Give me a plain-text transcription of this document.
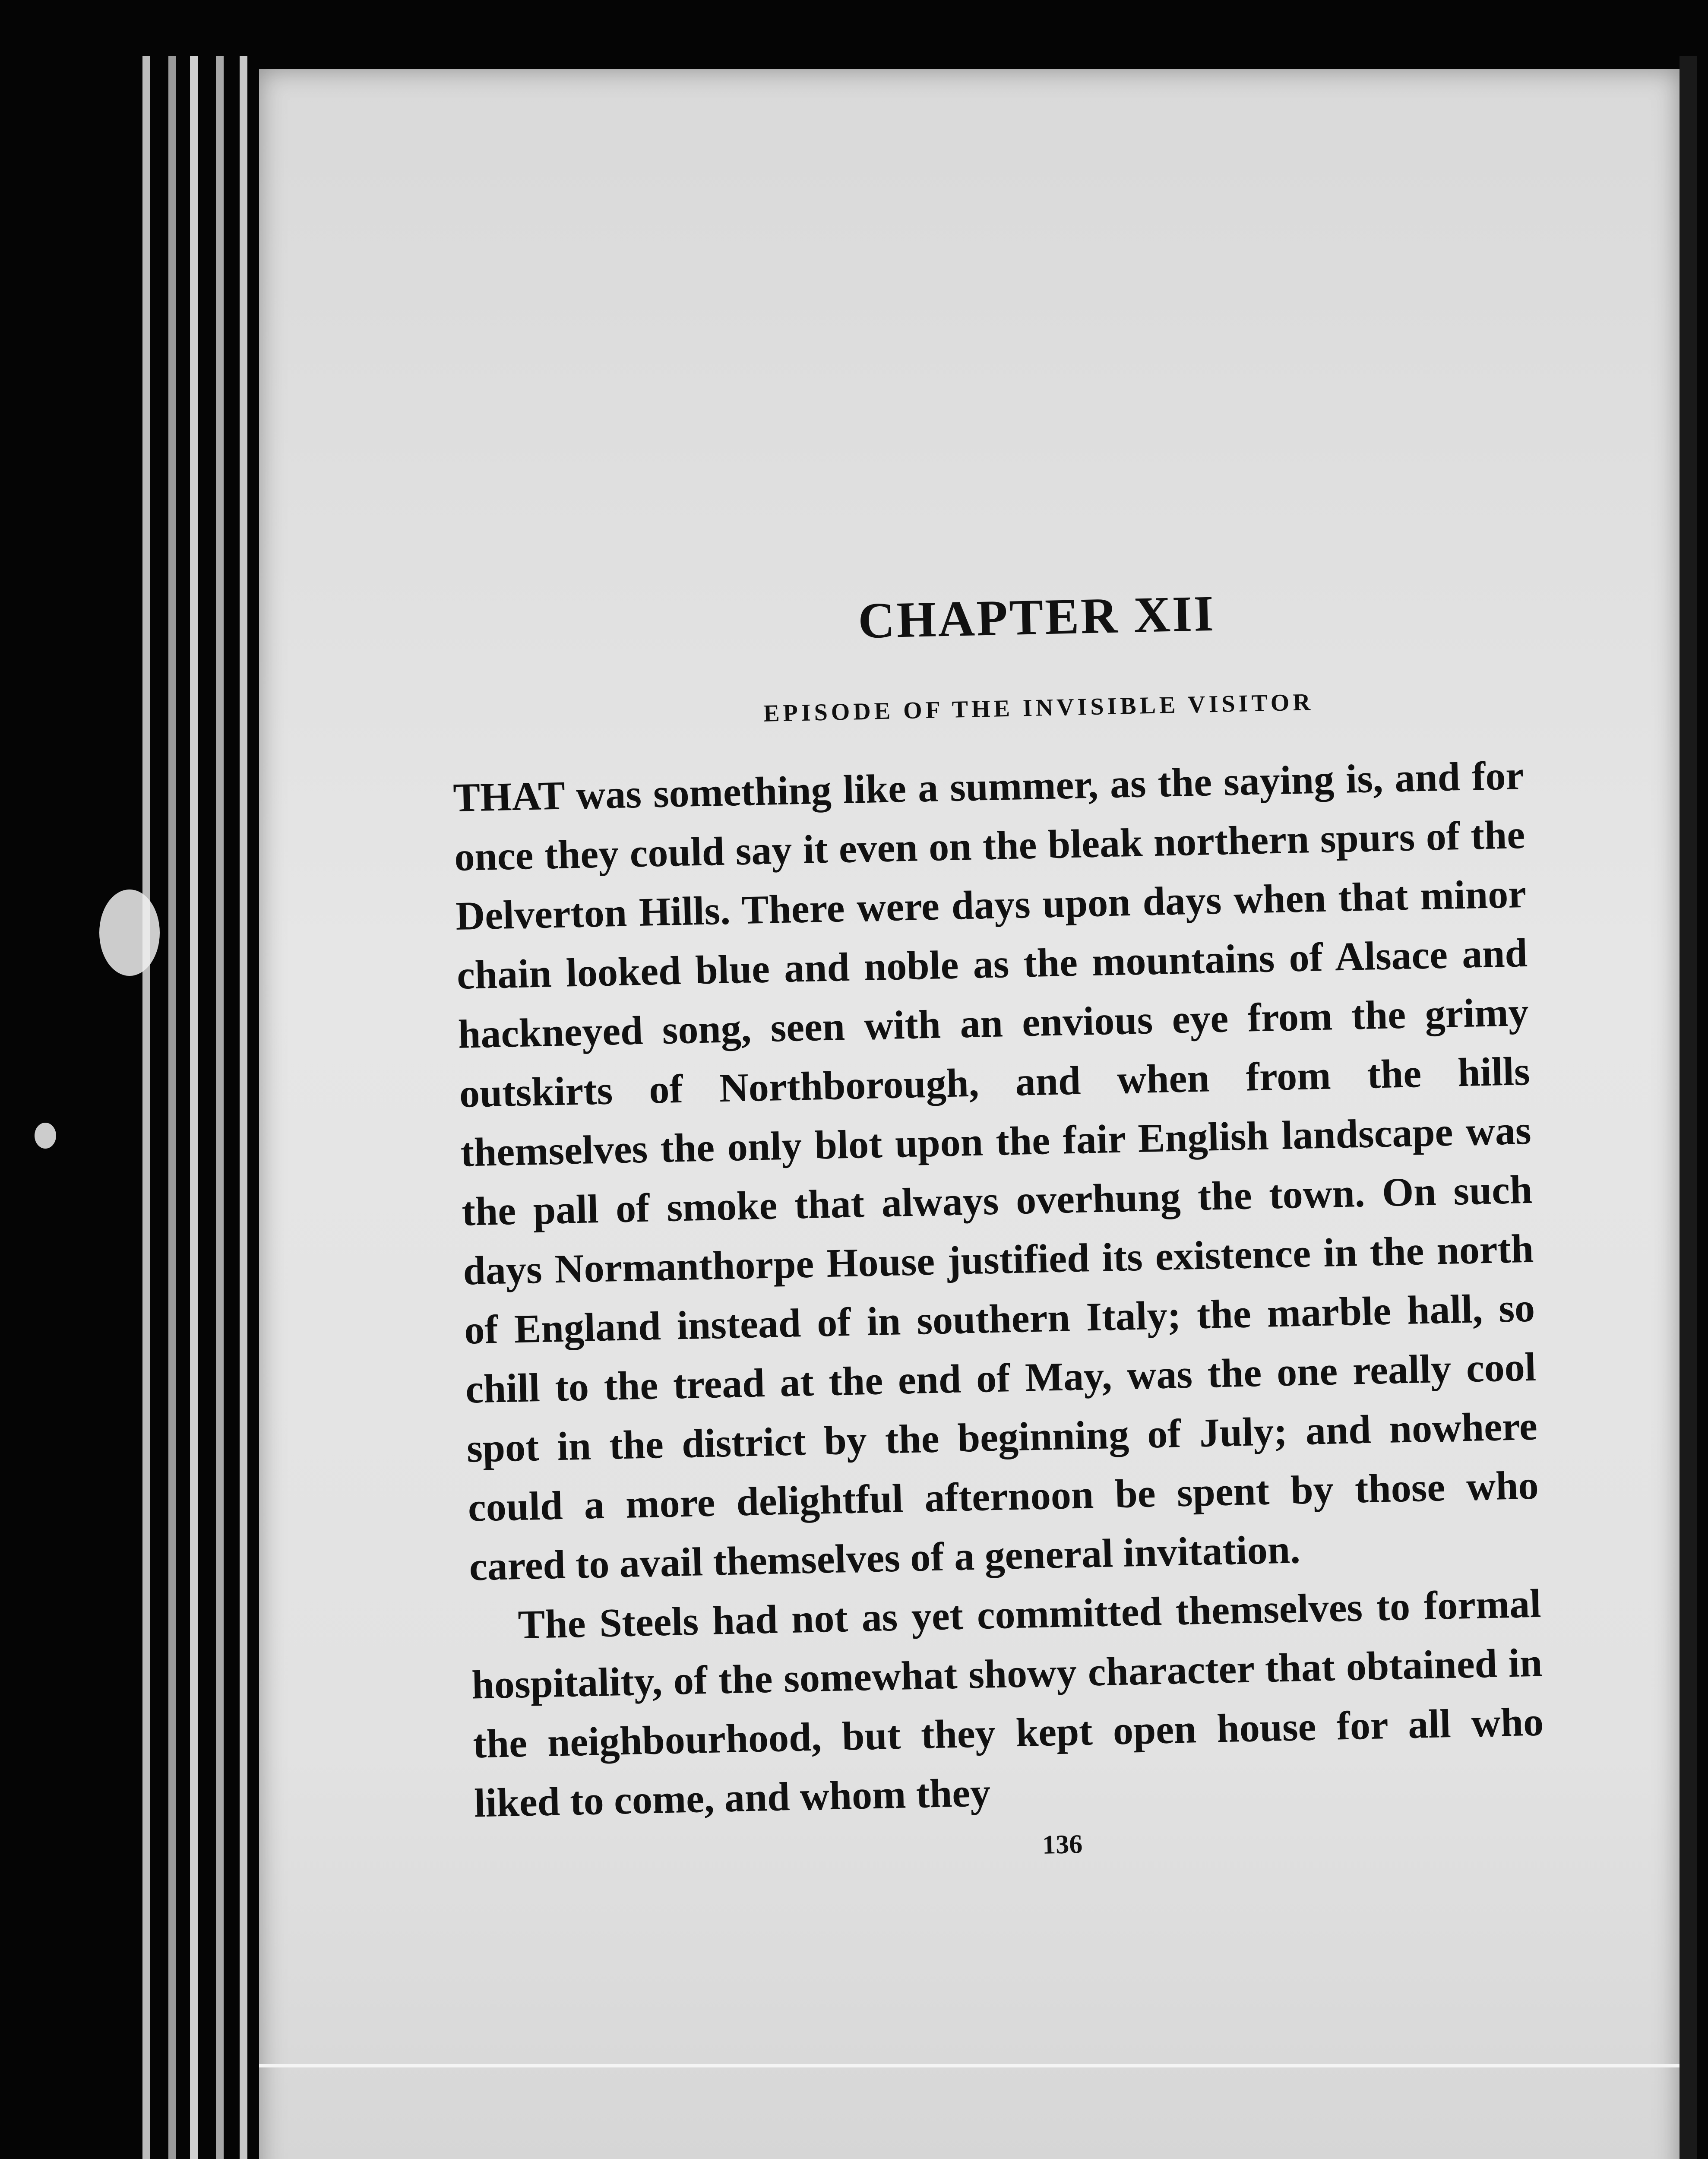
CHAPTER XII
EPISODE OF THE INVISIBLE VISITOR

THAT was something like a summer, as the saying is, and for once they could say it even on the bleak northern spurs of the Delverton Hills. There were days upon days when that minor chain looked blue and noble as the mountains of Alsace and hackneyed song, seen with an envious eye from the grimy outskirts of Northborough, and when from the hills themselves the only blot upon the fair English landscape was the pall of smoke that always overhung the town. On such days Normanthorpe House justified its existence in the north of England instead of in southern Italy; the marble hall, so chill to the tread at the end of May, was the one really cool spot in the district by the beginning of July; and nowhere could a more delightful afternoon be spent by those who cared to avail themselves of a general invitation.

The Steels had not as yet committed themselves to formal hospitality, of the somewhat showy character that obtained in the neighbourhood, but they kept open house for all who liked to come, and whom they

136
